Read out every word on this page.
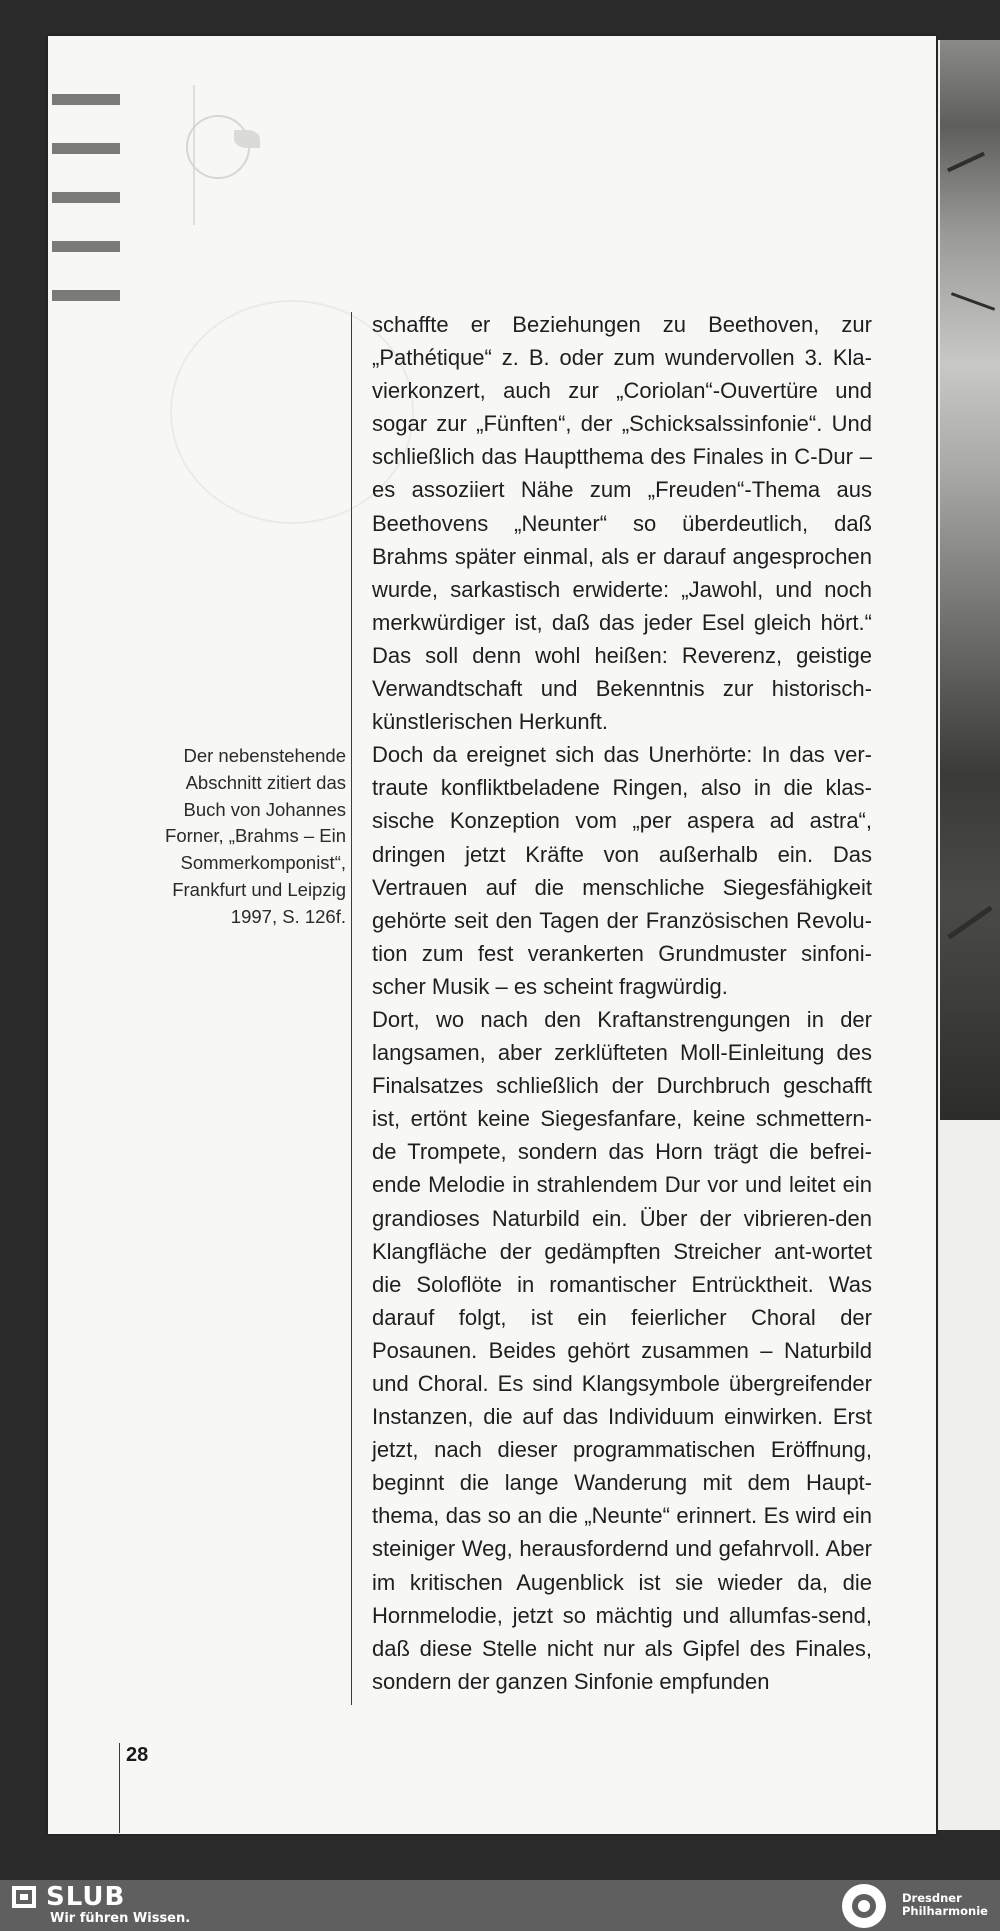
Der nebenstehende
Abschnitt zitiert das
Buch von Johannes
Forner, „Brahms – Ein
Sommerkomponist“,
Frankfurt und Leipzig
1997, S. 126f.

schaffte er Beziehungen zu Beethoven, zur „Pathétique“ z. B. oder zum wundervollen 3. Kla-vierkonzert, auch zur „Coriolan“-Ouvertüre und sogar zur „Fünften“, der „Schicksalssinfonie“. Und schließlich das Hauptthema des Finales in C-Dur – es assoziiert Nähe zum „Freuden“-Thema aus Beethovens „Neunter“ so überdeutlich, daß Brahms später einmal, als er darauf angesprochen wurde, sarkastisch erwiderte: „Jawohl, und noch merkwürdiger ist, daß das jeder Esel gleich hört.“ Das soll denn wohl heißen: Reverenz, geistige Verwandtschaft und Bekenntnis zur historisch-künstlerischen Herkunft.

Doch da ereignet sich das Unerhörte: In das ver-traute konfliktbeladene Ringen, also in die klas-sische Konzeption vom „per aspera ad astra“, dringen jetzt Kräfte von außerhalb ein. Das Vertrauen auf die menschliche Siegesfähigkeit gehörte seit den Tagen der Französischen Revolu-tion zum fest verankerten Grundmuster sinfoni-scher Musik – es scheint fragwürdig.

Dort, wo nach den Kraftanstrengungen in der langsamen, aber zerklüfteten Moll-Einleitung des Finalsatzes schließlich der Durchbruch geschafft ist, ertönt keine Siegesfanfare, keine schmettern-de Trompete, sondern das Horn trägt die befrei-ende Melodie in strahlendem Dur vor und leitet ein grandioses Naturbild ein. Über der vibrieren-den Klangfläche der gedämpften Streicher ant-wortet die Soloflöte in romantischer Entrücktheit. Was darauf folgt, ist ein feierlicher Choral der Posaunen. Beides gehört zusammen – Naturbild und Choral. Es sind Klangsymbole übergreifender Instanzen, die auf das Individuum einwirken. Erst jetzt, nach dieser programmatischen Eröffnung, beginnt die lange Wanderung mit dem Haupt-thema, das so an die „Neunte“ erinnert. Es wird ein steiniger Weg, herausfordernd und gefahrvoll. Aber im kritischen Augenblick ist sie wieder da, die Hornmelodie, jetzt so mächtig und allumfas-send, daß diese Stelle nicht nur als Gipfel des Finales, sondern der ganzen Sinfonie empfunden

28
SLUB
Wir führen Wissen.
Dresdner
Philharmonie
